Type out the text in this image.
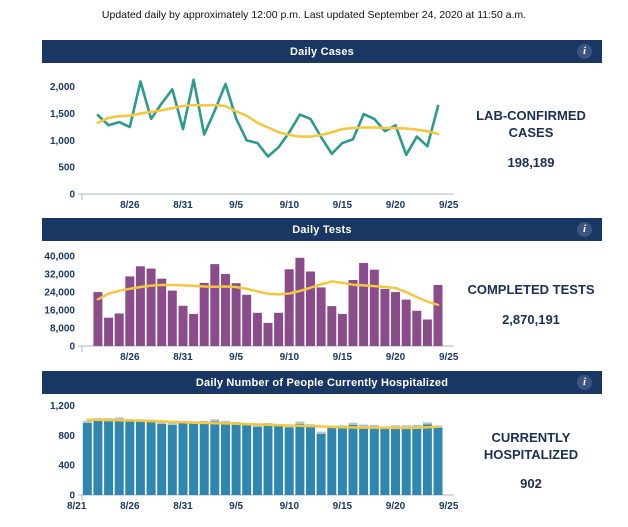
Updated daily by approximately 12:00 p.m. Last updated September 24, 2020 at 11:50 a.m.
Daily Cases	i
0
500
1,000
1,500
2,000
8/26	8/31	9/5	9/10	9/15	9/20	9/25
LAB-CONFIRMED CASES
198,189
Daily Tests	i
0
8,000
16,000
24,000
32,000
40,000
8/26	8/31	9/5	9/10	9/15	9/20	9/25
COMPLETED TESTS
2,870,191
Daily Number of People Currently Hospitalized	i
0
400
800
1,200
8/21	8/26	8/31	9/5	9/10	9/15	9/20	9/25
CURRENTLY HOSPITALIZED
902
